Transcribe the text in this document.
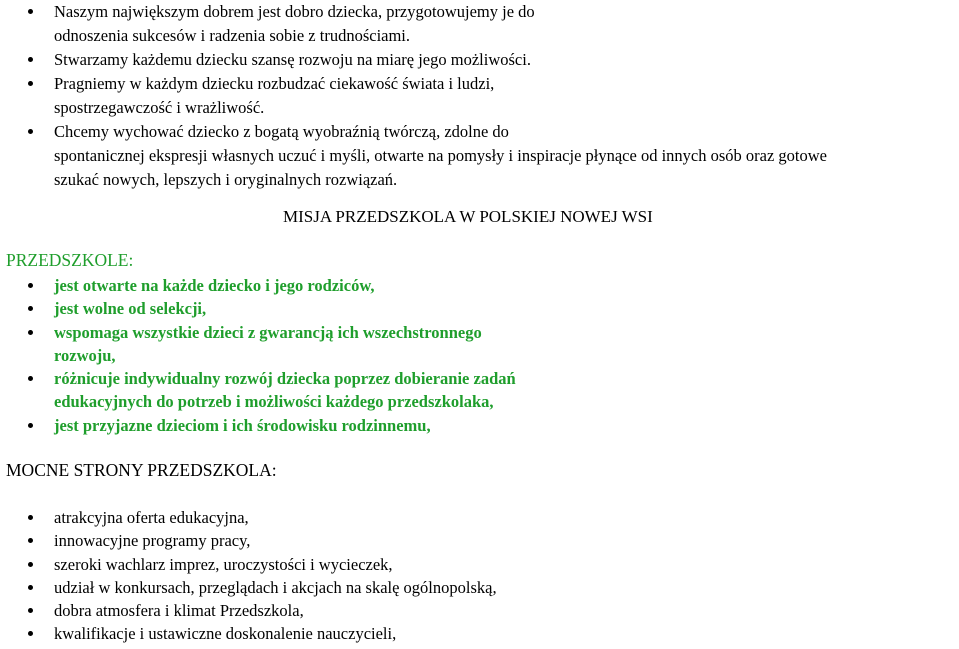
Naszym największym dobrem jest dobro dziecka, przygotowujemy je do
odnoszenia sukcesów i radzenia sobie z trudnościami.
Stwarzamy każdemu dziecku szansę rozwoju na miarę jego możliwości.
Pragniemy w każdym dziecku rozbudzać ciekawość świata i ludzi,
spostrzegawczość i wrażliwość.
Chcemy wychować dziecko z bogatą wyobraźnią twórczą, zdolne do
spontanicznej ekspresji własnych uczuć i myśli, otwarte na pomysły i inspiracje płynące od innych osób oraz gotowe
szukać nowych, lepszych i oryginalnych rozwiązań.
MISJA PRZEDSZKOLA W POLSKIEJ NOWEJ WSI
PRZEDSZKOLE:
jest otwarte na każde dziecko i jego rodziców,
jest wolne od selekcji,
wspomaga wszystkie dzieci z gwarancją ich wszechstronnego
rozwoju,
różnicuje indywidualny rozwój dziecka poprzez dobieranie zadań
edukacyjnych do potrzeb i możliwości każdego przedszkolaka,
jest przyjazne dzieciom i ich środowisku rodzinnemu,
MOCNE STRONY PRZEDSZKOLA:
atrakcyjna oferta edukacyjna,
innowacyjne programy pracy,
szeroki wachlarz imprez, uroczystości i wycieczek,
udział w konkursach, przeglądach i akcjach na skalę ogólnopolską,
dobra atmosfera i klimat Przedszkola,
kwalifikacje i ustawiczne doskonalenie nauczycieli,
